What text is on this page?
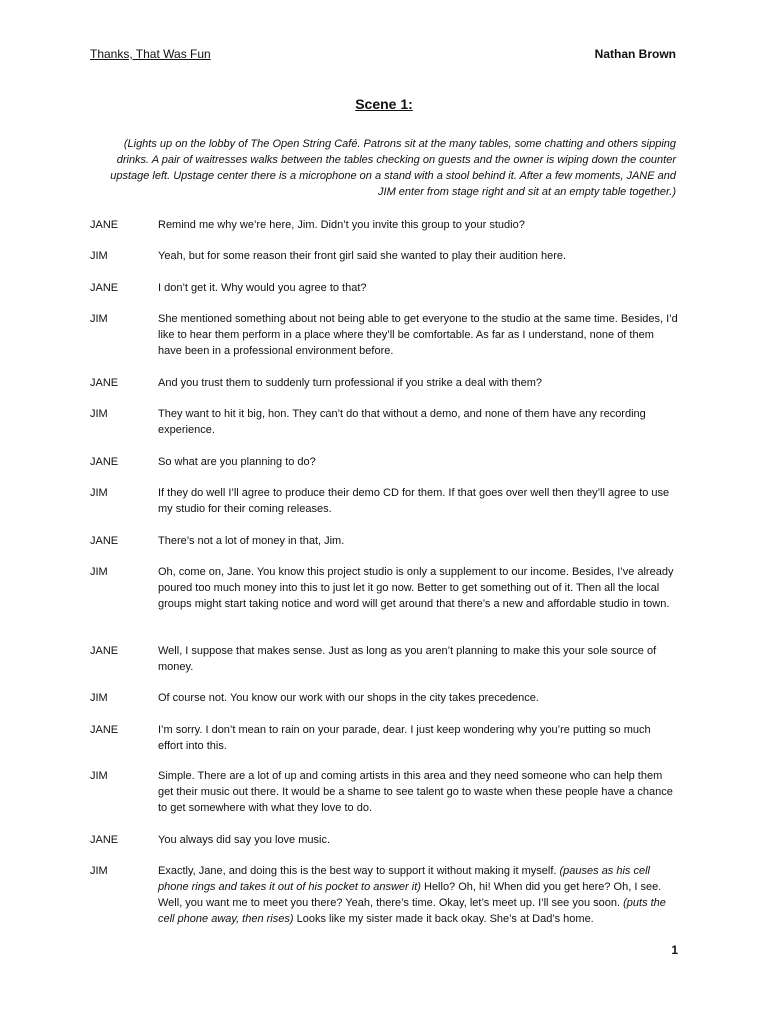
Thanks, That Was Fun	Nathan Brown
Scene 1:
(Lights up on the lobby of The Open String Café. Patrons sit at the many tables, some chatting and others sipping drinks. A pair of waitresses walks between the tables checking on guests and the owner is wiping down the counter upstage left. Upstage center there is a microphone on a stand with a stool behind it. After a few moments, JANE and JIM enter from stage right and sit at an empty table together.)
JANE	Remind me why we’re here, Jim. Didn’t you invite this group to your studio?
JIM	Yeah, but for some reason their front girl said she wanted to play their audition here.
JANE	I don’t get it. Why would you agree to that?
JIM	She mentioned something about not being able to get everyone to the studio at the same time. Besides, I’d like to hear them perform in a place where they’ll be comfortable. As far as I understand, none of them have been in a professional environment before.
JANE	And you trust them to suddenly turn professional if you strike a deal with them?
JIM	They want to hit it big, hon. They can’t do that without a demo, and none of them have any recording experience.
JANE	So what are you planning to do?
JIM	If they do well I’ll agree to produce their demo CD for them. If that goes over well then they’ll agree to use my studio for their coming releases.
JANE	There’s not a lot of money in that, Jim.
JIM	Oh, come on, Jane. You know this project studio is only a supplement to our income. Besides, I’ve already poured too much money into this to just let it go now. Better to get something out of it. Then all the local groups might start taking notice and word will get around that there’s a new and affordable studio in town.
JANE	Well, I suppose that makes sense. Just as long as you aren’t planning to make this your sole source of money.
JIM	Of course not. You know our work with our shops in the city takes precedence.
JANE	I’m sorry. I don’t mean to rain on your parade, dear. I just keep wondering why you’re putting so much effort into this.
JIM	Simple. There are a lot of up and coming artists in this area and they need someone who can help them get their music out there. It would be a shame to see talent go to waste when these people have a chance to get somewhere with what they love to do.
JANE	You always did say you love music.
JIM	Exactly, Jane, and doing this is the best way to support it without making it myself. (pauses as his cell phone rings and takes it out of his pocket to answer it) Hello? Oh, hi! When did you get here? Oh, I see. Well, you want me to meet you there? Yeah, there’s time. Okay, let’s meet up. I’ll see you soon. (puts the cell phone away, then rises) Looks like my sister made it back okay. She’s at Dad’s home.
1
